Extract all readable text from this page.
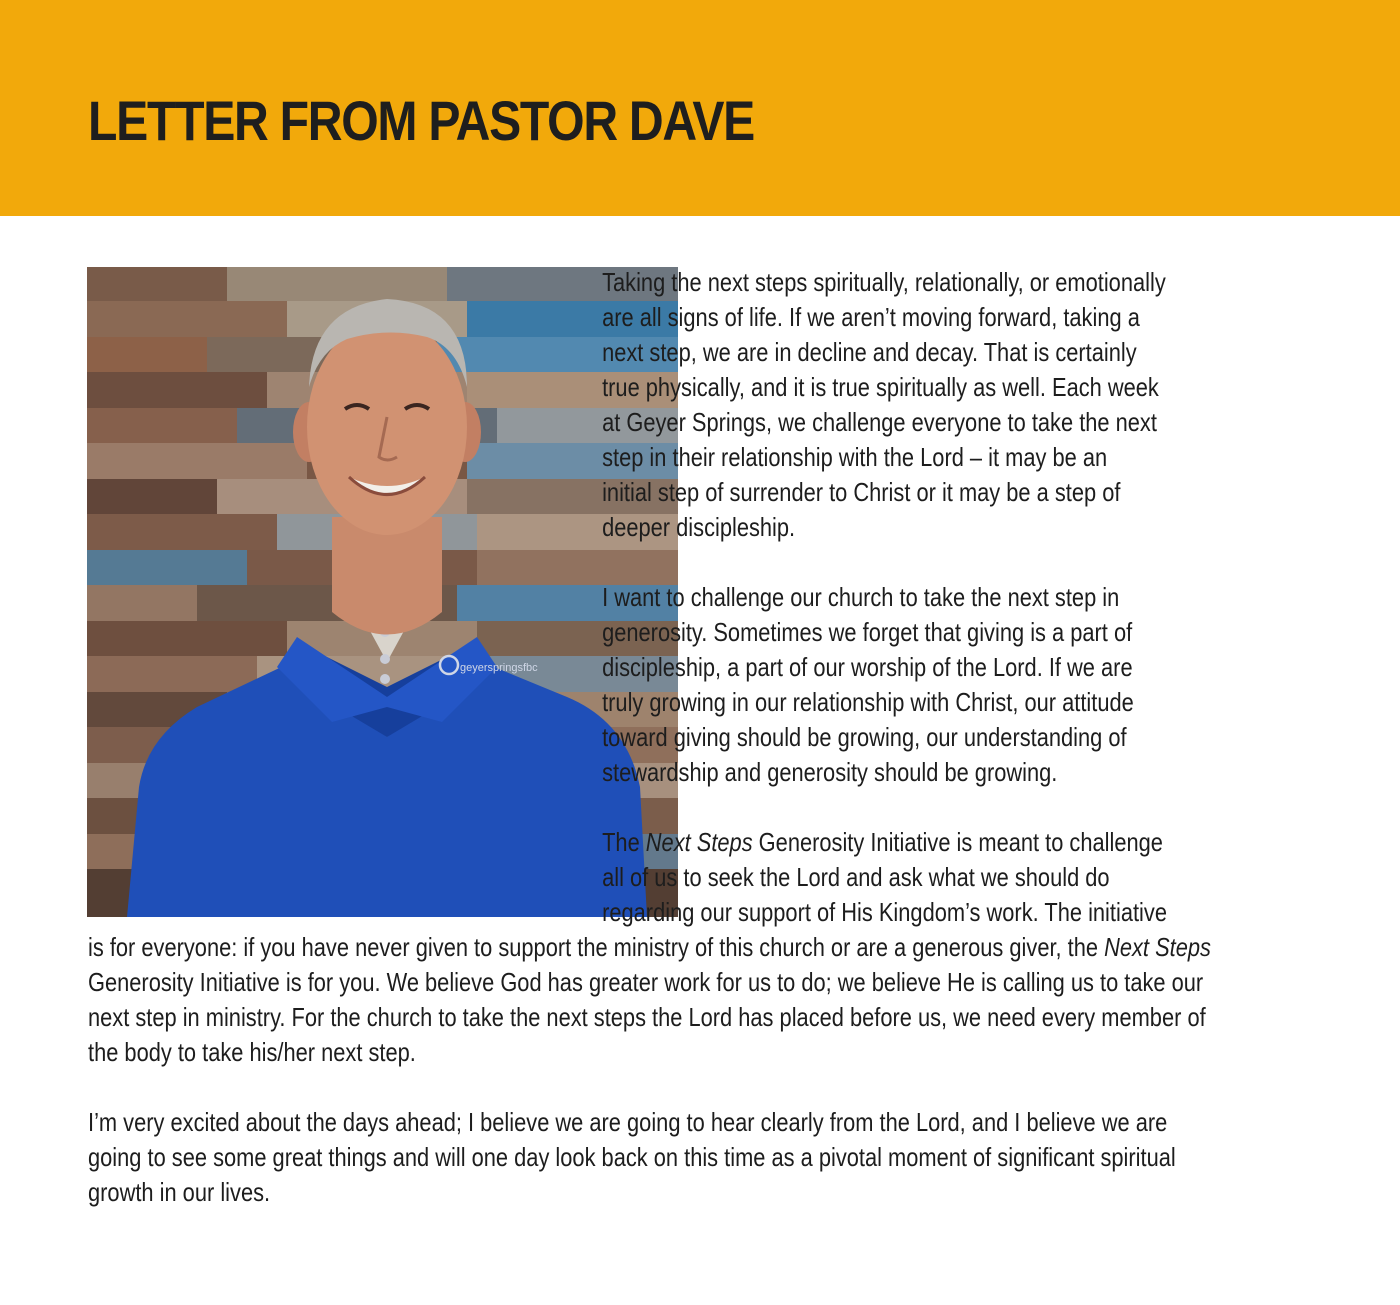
LETTER FROM PASTOR DAVE
geyerspringsfbc

Taking the next steps spiritually, relationally, or emotionally
are all signs of life. If we aren’t moving forward, taking a
next step, we are in decline and decay. That is certainly
true physically, and it is true spiritually as well. Each week
at Geyer Springs, we challenge everyone to take the next
step in their relationship with the Lord – it may be an
initial step of surrender to Christ or it may be a step of
deeper discipleship.

I want to challenge our church to take the next step in
generosity. Sometimes we forget that giving is a part of
discipleship, a part of our worship of the Lord. If we are
truly growing in our relationship with Christ, our attitude
toward giving should be growing, our understanding of
stewardship and generosity should be growing.

The Next Steps Generosity Initiative is meant to challenge
all of us to seek the Lord and ask what we should do
regarding our support of His Kingdom’s work. The initiative
is for everyone: if you have never given to support the ministry of this church or are a generous giver, the Next Steps
Generosity Initiative is for you. We believe God has greater work for us to do; we believe He is calling us to take our
next step in ministry. For the church to take the next steps the Lord has placed before us, we need every member of
the body to take his/her next step.

I’m very excited about the days ahead; I believe we are going to hear clearly from the Lord, and I believe we are
going to see some great things and will one day look back on this time as a pivotal moment of significant spiritual
growth in our lives.
